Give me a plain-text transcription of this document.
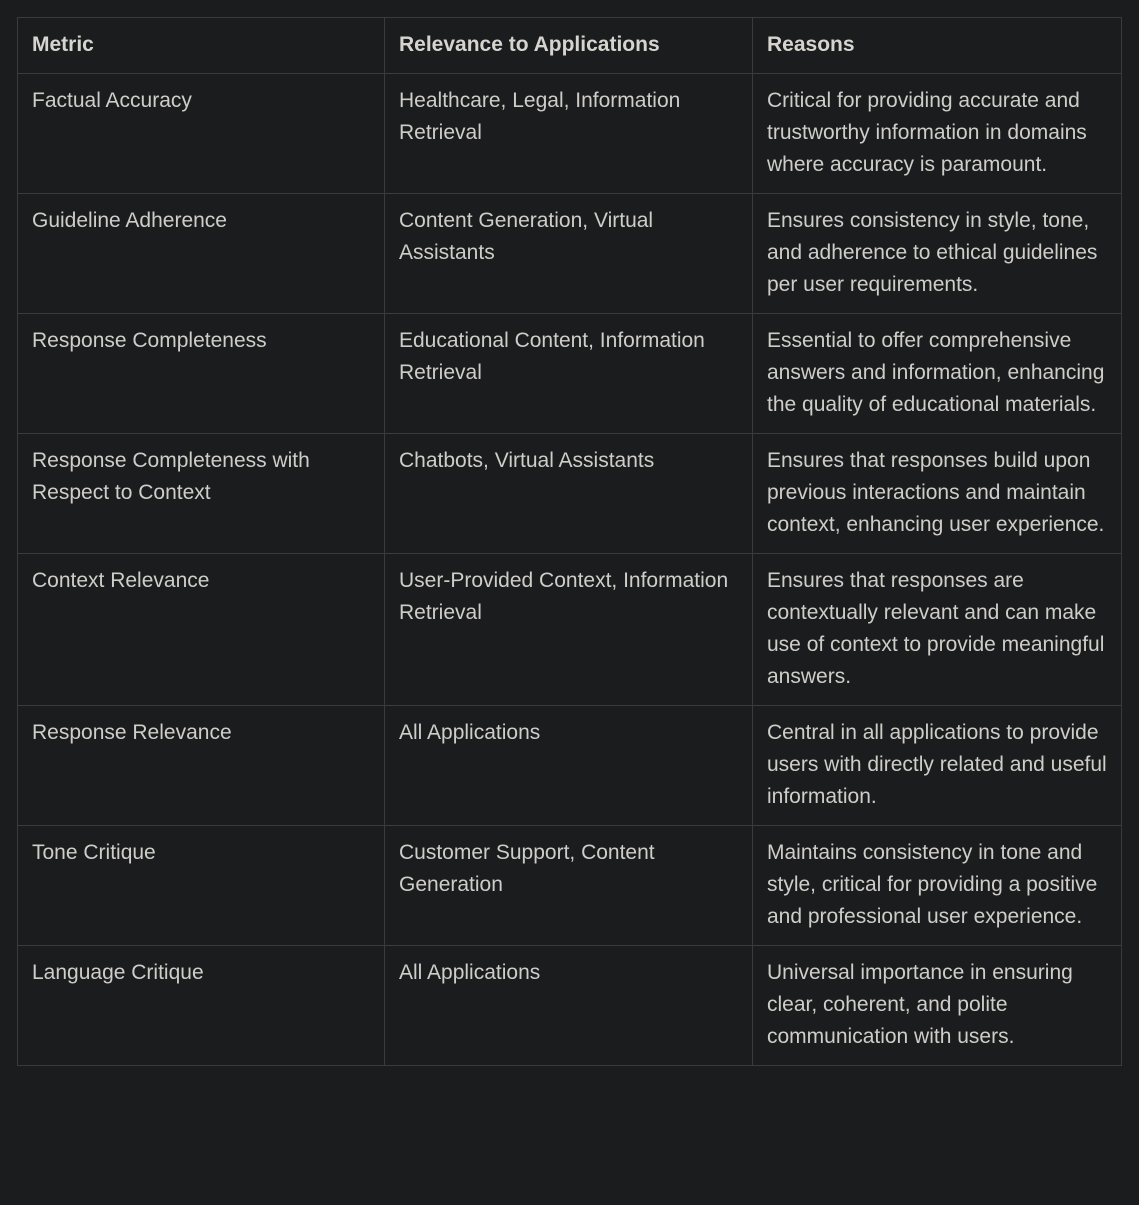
Metric	Relevance to Applications	Reasons
Factual Accuracy	Healthcare, Legal, Information Retrieval	Critical for providing accurate and trustworthy information in domains where accuracy is paramount.
Guideline Adherence	Content Generation, Virtual Assistants	Ensures consistency in style, tone, and adherence to ethical guidelines per user requirements.
Response Completeness	Educational Content, Information Retrieval	Essential to offer comprehensive answers and information, enhancing the quality of educational materials.
Response Completeness with Respect to Context	Chatbots, Virtual Assistants	Ensures that responses build upon previous interactions and maintain context, enhancing user experience.
Context Relevance	User-Provided Context, Information Retrieval	Ensures that responses are contextually relevant and can make use of context to provide meaningful answers.
Response Relevance	All Applications	Central in all applications to provide users with directly related and useful information.
Tone Critique	Customer Support, Content Generation	Maintains consistency in tone and style, critical for providing a positive and professional user experience.
Language Critique	All Applications	Universal importance in ensuring clear, coherent, and polite communication with users.
